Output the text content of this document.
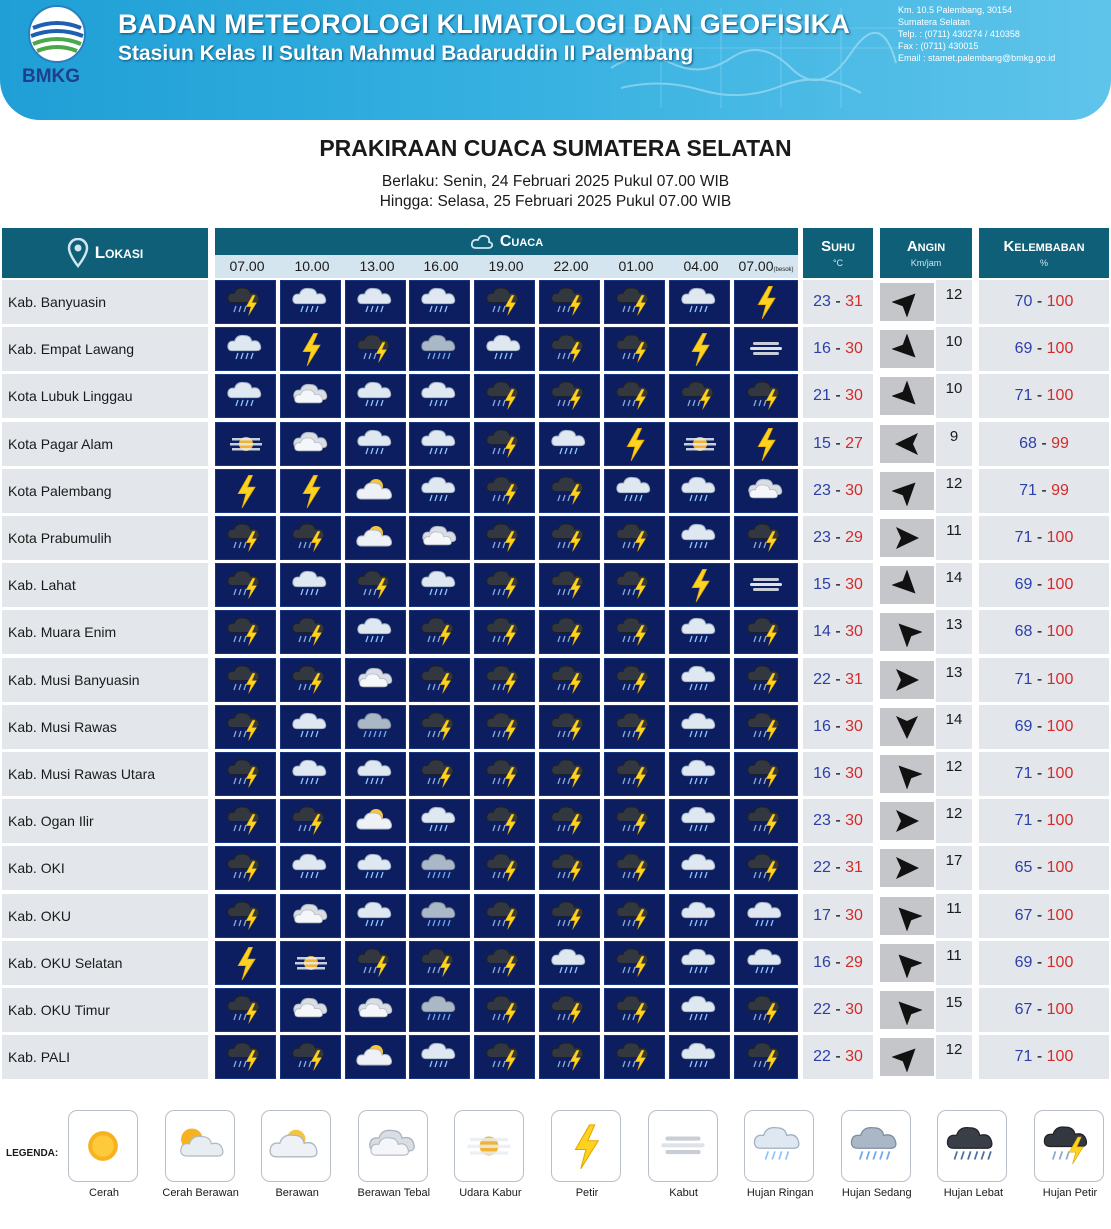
BMKG
BADAN METEOROLOGI KLIMATOLOGI DAN GEOFISIKA
Stasiun Kelas II Sultan Mahmud Badaruddin II Palembang
Km. 10.5 Palembang, 30154
Sumatera Selatan
Telp. : (0711) 430274 / 410358
Fax : (0711) 430015
Email : stamet.palembang@bmkg.go.id
PRAKIRAAN CUACA SUMATERA SELATAN
Berlaku: Senin, 24 Februari 2025 Pukul 07.00 WIB
Hingga: Selasa, 25 Februari 2025 Pukul 07.00 WIB
Lokasi
Cuaca
07.00	10.00	13.00	16.00	19.00	22.00	01.00	04.00	07.00(besok)
Suhu
°C
Angin
Km/jam
Kelembaban
%
Kab. Banyuasin	23 - 31	12	70 - 100
Kab. Empat Lawang	16 - 30	10	69 - 100
Kota Lubuk Linggau	21 - 30	10	71 - 100
Kota Pagar Alam	15 - 27	9	68 - 99
Kota Palembang	23 - 30	12	71 - 99
Kota Prabumulih	23 - 29	11	71 - 100
Kab. Lahat	15 - 30	14	69 - 100
Kab. Muara Enim	14 - 30	13	68 - 100
Kab. Musi Banyuasin	22 - 31	13	71 - 100
Kab. Musi Rawas	16 - 30	14	69 - 100
Kab. Musi Rawas Utara	16 - 30	12	71 - 100
Kab. Ogan Ilir	23 - 30	12	71 - 100
Kab. OKI	22 - 31	17	65 - 100
Kab. OKU	17 - 30	11	67 - 100
Kab. OKU Selatan	16 - 29	11	69 - 100
Kab. OKU Timur	22 - 30	15	67 - 100
Kab. PALI	22 - 30	12	71 - 100
LEGENDA:
Cerah	Cerah Berawan	Berawan	Berawan Tebal	Udara Kabur	Petir	Kabut	Hujan Ringan	Hujan Sedang	Hujan Lebat	Hujan Petir
